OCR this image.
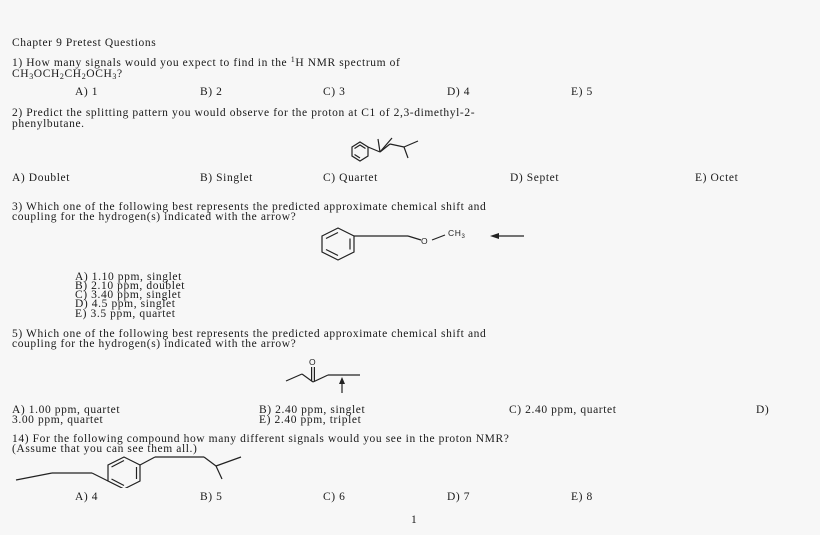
Chapter 9 Pretest Questions
1) How many signals would you expect to find in the $^1$H NMR spectrum of
$CH_3OCH_2CH_2OCH_3$?
A) 1	B) 2	C) 3	D) 4	E) 5
2) Predict the splitting pattern you would observe for the proton at C1 of 2,3-dimethyl-2-
phenylbutane.
A) Doublet	B) Singlet	C) Quartet	D) Septet	E) Octet
3) Which one of the following best represents the predicted approximate chemical shift and
coupling for the hydrogen(s) indicated with the arrow?
O
$CH_3$
A) 1.10 ppm, singlet
B) 2.10 ppm, doublet
C) 3.40 ppm, singlet
D) 4.5 ppm, singlet
E) 3.5 ppm, quartet
5) Which one of the following best represents the predicted approximate chemical shift and
coupling for the hydrogen(s) indicated with the arrow?
O
A) 1.00 ppm, quartet
3.00 ppm, quartet
B) 2.40 ppm, singlet
E) 2.40 ppm, triplet
C) 2.40 ppm, quartet	D)
14) For the following compound how many different signals would you see in the proton NMR?
(Assume that you can see them all.)
A) 4	B) 5	C) 6	D) 7	E) 8
1
